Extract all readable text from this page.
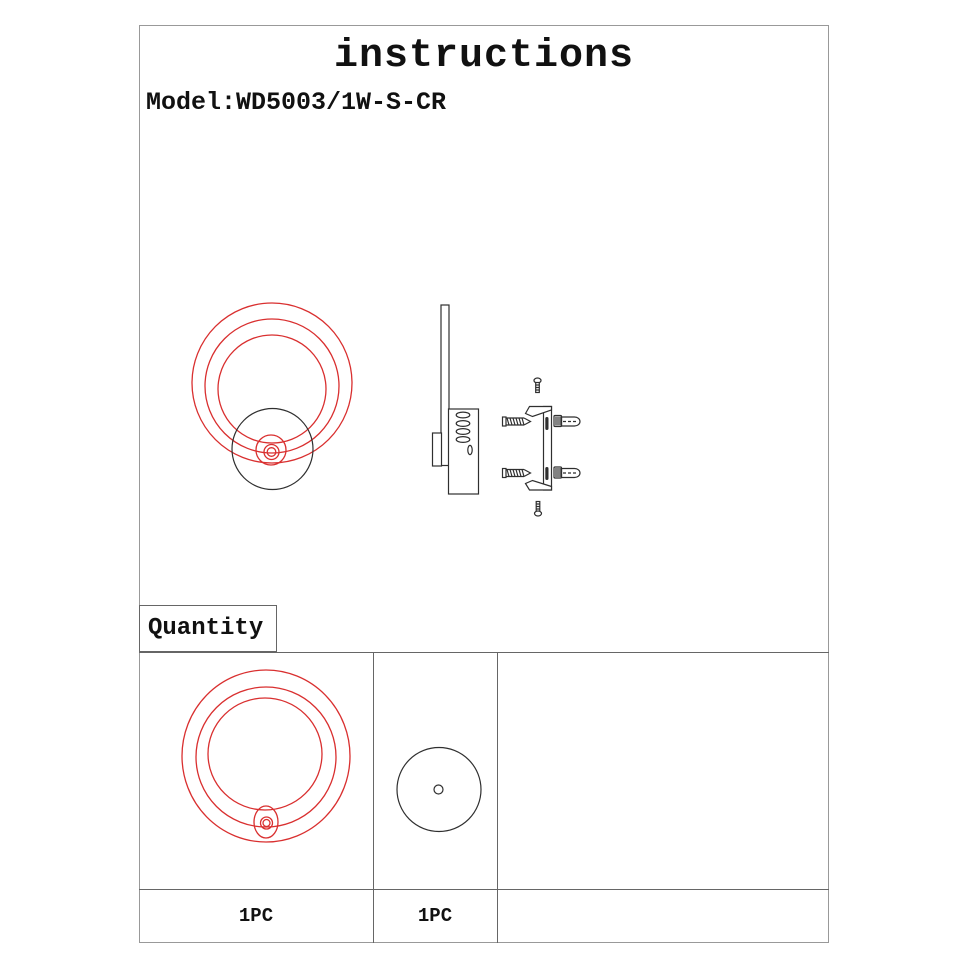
instructions
Model:WD5003/1W-S-CR
Quantity
1PC	1PC
